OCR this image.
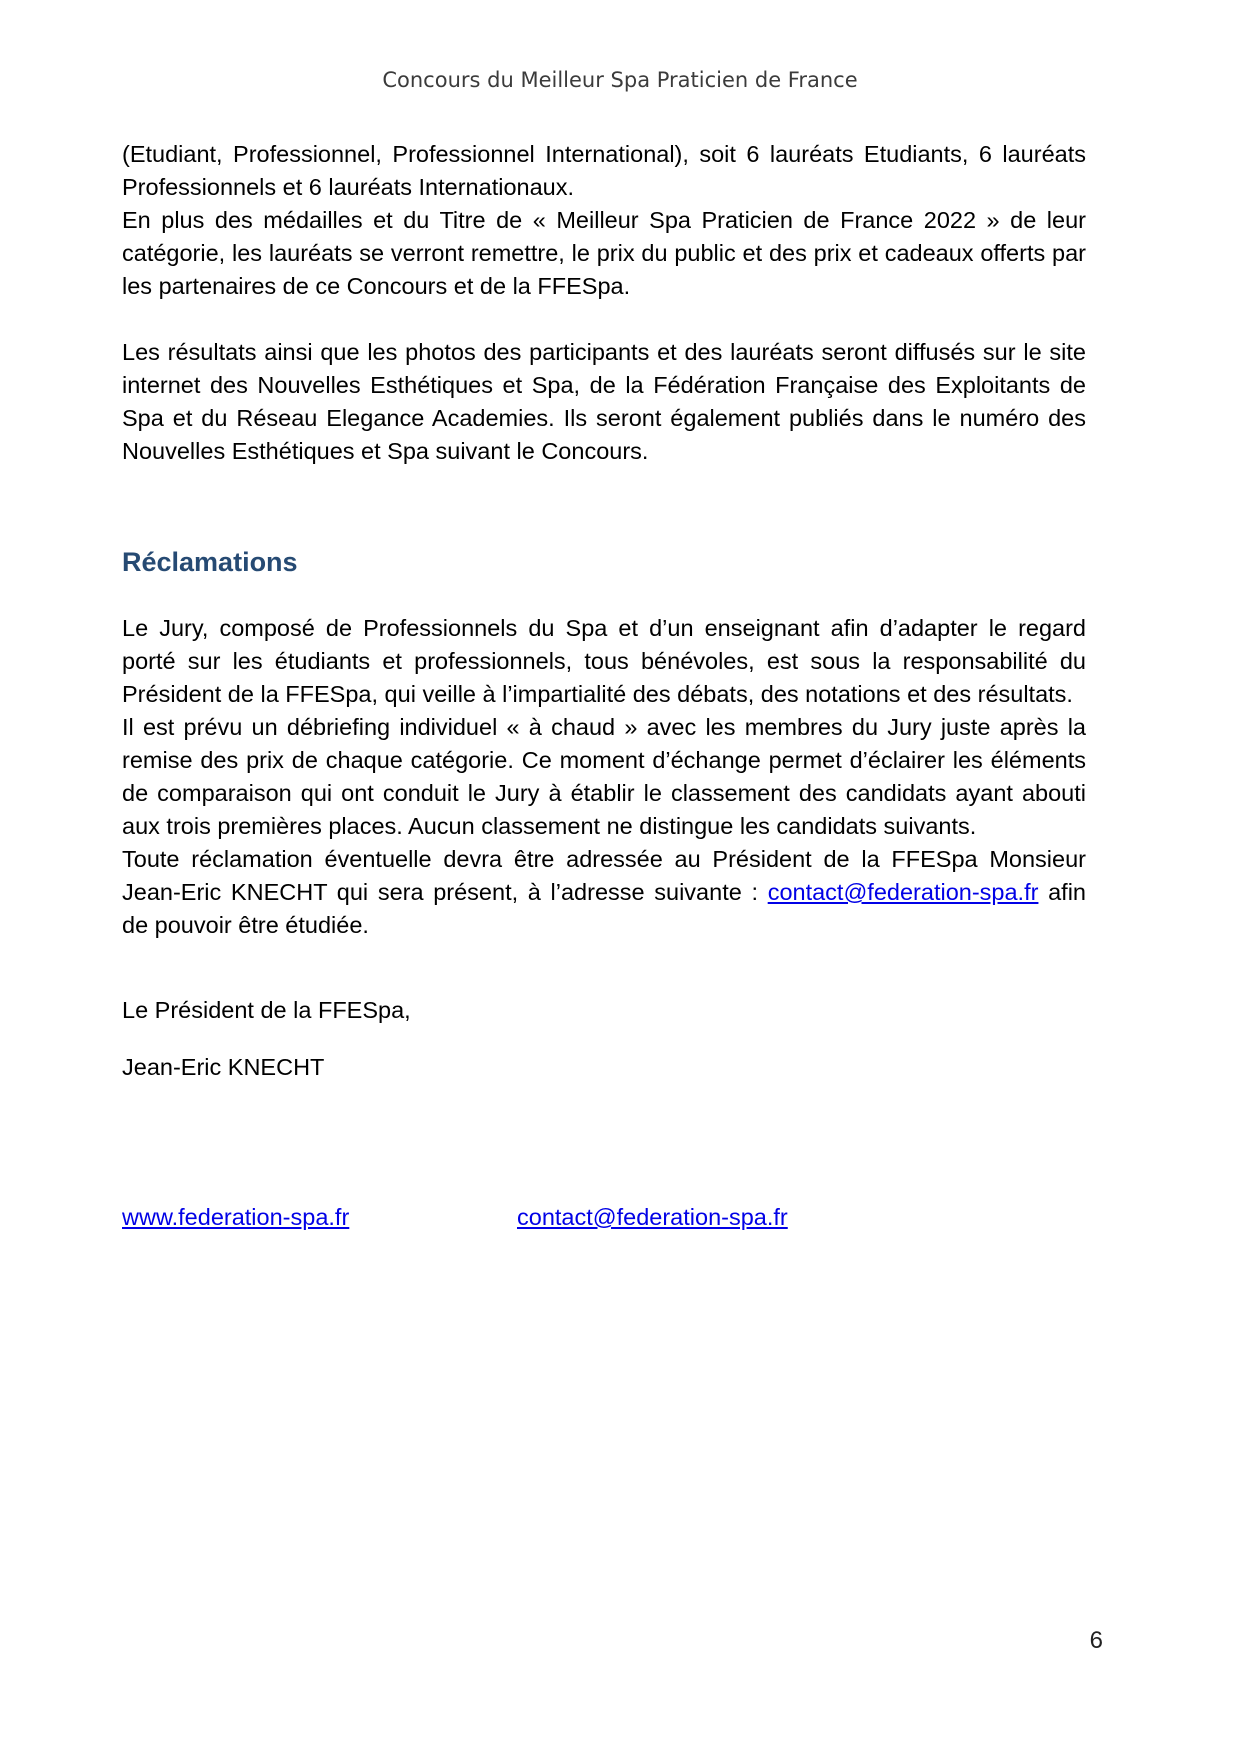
Concours du Meilleur Spa Praticien de France

(Etudiant, Professionnel, Professionnel International), soit 6 lauréats Etudiants, 6 lauréats Professionnels et 6 lauréats Internationaux.

En plus des médailles et du Titre de « Meilleur Spa Praticien de France 2022 » de leur catégorie, les lauréats se verront remettre, le prix du public et des prix et cadeaux offerts par les partenaires de ce Concours et de la FFESpa.

Les résultats ainsi que les photos des participants et des lauréats seront diffusés sur le site internet des Nouvelles Esthétiques et Spa, de la Fédération Française des Exploitants de Spa et du Réseau Elegance Academies. Ils seront également publiés dans le numéro des Nouvelles Esthétiques et Spa suivant le Concours.

Réclamations

Le Jury, composé de Professionnels du Spa et d’un enseignant afin d’adapter le regard porté sur les étudiants et professionnels, tous bénévoles, est sous la responsabilité du Président de la FFESpa, qui veille à l’impartialité des débats, des notations et des résultats.

Il est prévu un débriefing individuel « à chaud » avec les membres du Jury juste après la remise des prix de chaque catégorie. Ce moment d’échange permet d’éclairer les éléments de comparaison qui ont conduit le Jury à établir le classement des candidats ayant abouti aux trois premières places. Aucun classement ne distingue les candidats suivants.

Toute réclamation éventuelle devra être adressée au Président de la FFESpa Monsieur Jean-Eric KNECHT qui sera présent, à l’adresse suivante : contact@federation-spa.fr afin de pouvoir être étudiée.

Le Président de la FFESpa,

Jean-Eric KNECHT

www.federation-spa.fr	contact@federation-spa.fr
6
